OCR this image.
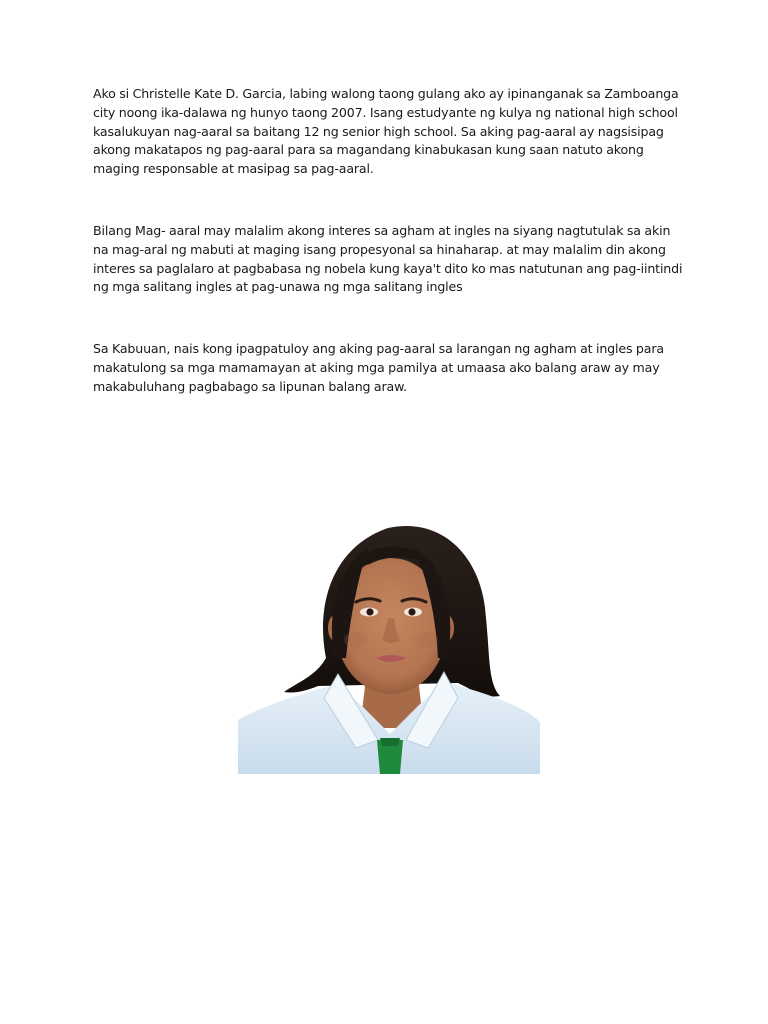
Ako si Christelle Kate D. Garcia, labing walong taong gulang ako ay ipinanganak sa Zamboanga city noong ika-dalawa ng hunyo taong 2007. Isang estudyante ng kulya ng national high school kasalukuyan nag-aaral sa baitang 12 ng senior high school. Sa aking pag-aaral ay nagsisipag akong makatapos ng pag-aaral para sa magandang kinabukasan kung saan natuto akong maging responsable at masipag sa pag-aaral.

Bilang Mag- aaral may malalim akong interes sa agham at ingles na siyang nagtutulak sa akin na mag-aral ng mabuti at maging isang propesyonal sa hinaharap. at may malalim din akong interes sa paglalaro at pagbabasa ng nobela kung kaya't dito ko mas natutunan ang pag-iintindi ng mga salitang ingles at pag-unawa ng mga salitang ingles

Sa Kabuuan, nais kong ipagpatuloy ang aking pag-aaral sa larangan ng agham at ingles para makatulong sa mga mamamayan at aking mga pamilya at umaasa ako balang araw ay may makabuluhang pagbabago sa lipunan balang araw.
